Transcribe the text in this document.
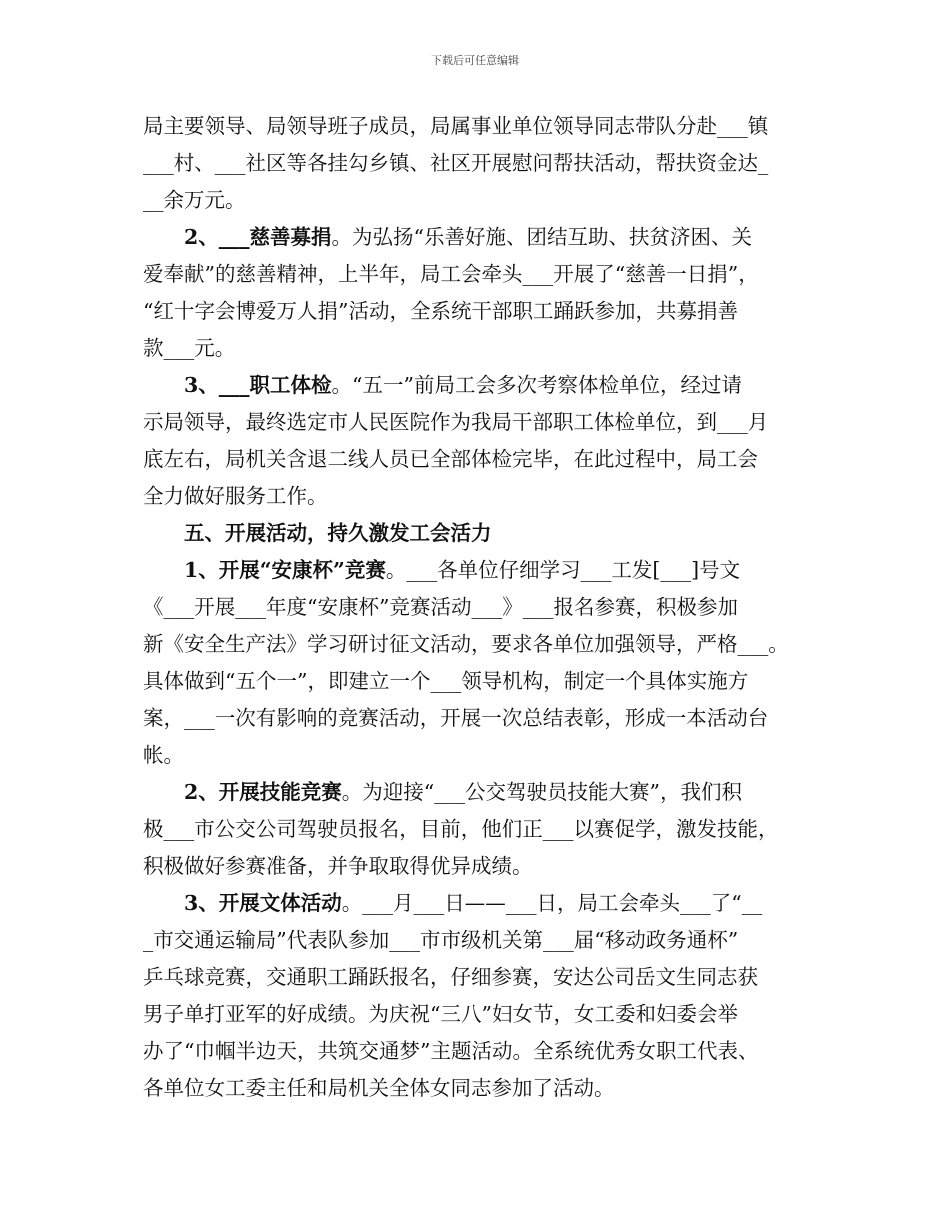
下载后可任意编辑
局主要领导、局领导班子成员，局属事业单位领导同志带队分赴___镇
___村、___社区等各挂勾乡镇、社区开展慰问帮扶活动，帮扶资金达_
__余万元。
2、___慈善募捐。为弘扬“乐善好施、团结互助、扶贫济困、关
爱奉献”的慈善精神，上半年，局工会牵头___开展了“慈善一日捐”，
“红十字会博爱万人捐”活动，全系统干部职工踊跃参加，共募捐善
款___元。
3、___职工体检。“五一”前局工会多次考察体检单位，经过请
示局领导，最终选定市人民医院作为我局干部职工体检单位，到___月
底左右，局机关含退二线人员已全部体检完毕，在此过程中，局工会
全力做好服务工作。
五、开展活动，持久激发工会活力
1、开展“安康杯”竞赛。___各单位仔细学习___工发[___]号文
《___开展___年度“安康杯”竞赛活动___》___报名参赛，积极参加
新《安全生产法》学习研讨征文活动，要求各单位加强领导，严格___。
具体做到“五个一”，即建立一个___领导机构，制定一个具体实施方
案，___一次有影响的竞赛活动，开展一次总结表彰，形成一本活动台
帐。
2、开展技能竞赛。为迎接“___公交驾驶员技能大赛”，我们积
极___市公交公司驾驶员报名，目前，他们正___以赛促学，激发技能，
积极做好参赛准备，并争取取得优异成绩。
3、开展文体活动。___月___日——___日，局工会牵头___了“__
_市交通运输局”代表队参加___市市级机关第___届“移动政务通杯”
乒乓球竞赛，交通职工踊跃报名，仔细参赛，安达公司岳文生同志获
男子单打亚军的好成绩。为庆祝“三八”妇女节，女工委和妇委会举
办了“巾帼半边天，共筑交通梦”主题活动。全系统优秀女职工代表、
各单位女工委主任和局机关全体女同志参加了活动。
